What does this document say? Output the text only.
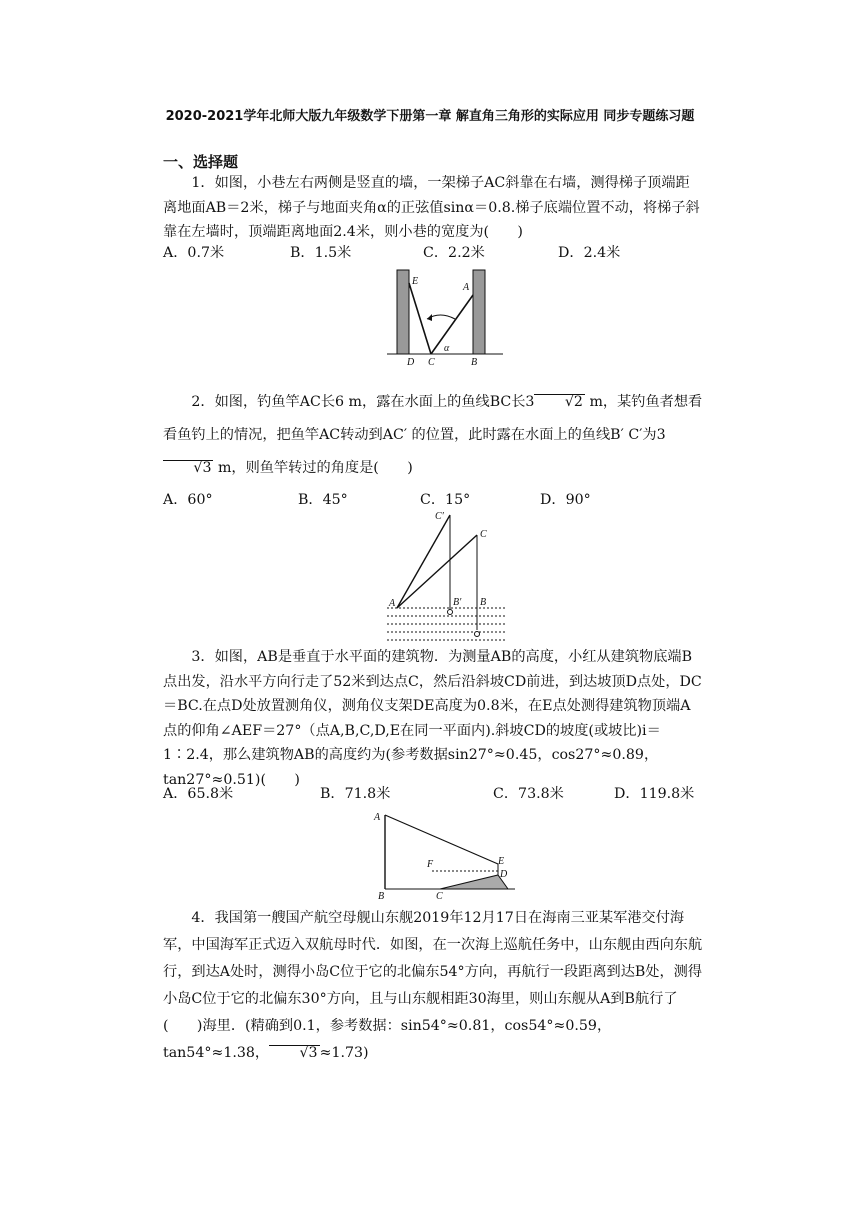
2020-2021学年北师大版九年级数学下册第一章 解直角三角形的实际应用 同步专题练习题
一、选择题

1．如图，小巷左右两侧是竖直的墙，一架梯子AC斜靠在右墙，测得梯子顶端距离地面AB＝2米，梯子与地面夹角α的正弦值sinα＝0.8.梯子底端位置不动，将梯子斜靠在左墙时，顶端距离地面2.4米，则小巷的宽度为(　　)

A．0.7米	B．1.5米	C．2.2米	D．2.4米
E
A
D C
α
B

2．如图，钓鱼竿AC长6 m，露在水面上的鱼线BC长3	√ 2 m，某钓鱼者想看看鱼钓上的情况，把鱼竿AC转动到AC′ 的位置，此时露在水面上的鱼线B′ C′为3√ 3 m，则鱼竿转过的角度是(　　)

A．60°	B．45°	C．15°	D．90°
C′
C
A	B′ B

3．如图，AB是垂直于水平面的建筑物．为测量AB的高度，小红从建筑物底端B点出发，沿水平方向行走了52米到达点C，然后沿斜坡CD前进，到达坡顶D点处，DC＝BC.在点D处放置测角仪，测角仪支架DE高度为0.8米，在E点处测得建筑物顶端A点的仰角∠AEF＝27°（点A,B,C,D,E在同一平面内).斜坡CD的坡度(或坡比)i＝1∶2.4，那么建筑物AB的高度约为(参考数据sin27°≈0.45，cos27°≈0.89，tan27°≈0.51)(　　)

A．65.8米	B．71.8米	C．73.8米	D．119.8米
A
F	E
D
B	C

4．我国第一艘国产航空母舰山东舰2019年12月17日在海南三亚某军港交付海军，中国海军正式迈入双航母时代．如图，在一次海上巡航任务中，山东舰由西向东航行，到达A处时，测得小岛C位于它的北偏东54°方向，再航行一段距离到达B处，测得小岛C位于它的北偏东30°方向，且与山东舰相距30海里，则山东舰从A到B航行了(　　)海里．(精确到0.1，参考数据：sin54°≈0.81，cos54°≈0.59，tan54°≈1.38，	√ 3 ≈1.73)
